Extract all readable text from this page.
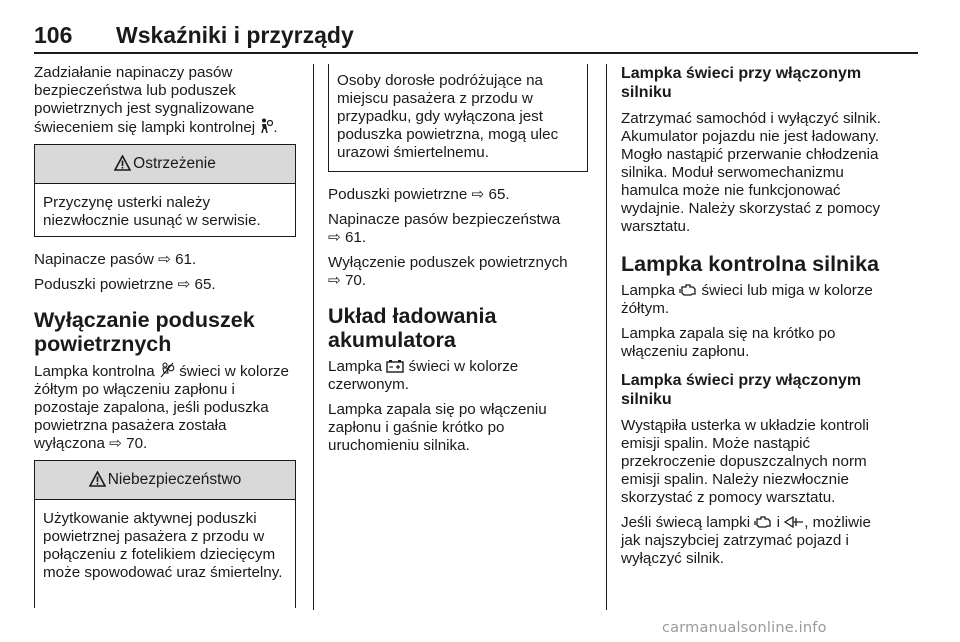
106 Wskaźniki i przyrządy

Zadziałanie napinaczy pasów bezpieczeństwa lub poduszek powietrznych jest sygnalizowane świeceniem się lampki kontrolnej .

Ostrzeżenie

Przyczynę usterki należy niezwłocznie usunąć w serwisie.

Napinacze pasów ⇨ 61.

Poduszki powietrzne ⇨ 65.

Wyłączanie poduszek powietrznych

Lampka kontrolna świeci w kolorze żółtym po włączeniu zapłonu i pozostaje zapalona, jeśli poduszka powietrzna pasażera została wyłączona ⇨ 70.

Niebezpieczeństwo

Użytkowanie aktywnej poduszki powietrznej pasażera z przodu w połączeniu z fotelikiem dziecięcym może spowodować uraz śmiertelny.

Osoby dorosłe podróżujące na miejscu pasażera z przodu w przypadku, gdy wyłączona jest poduszka powietrzna, mogą ulec urazowi śmiertelnemu.

Poduszki powietrzne ⇨ 65.

Napinacze pasów bezpieczeństwa
⇨ 61.

Wyłączenie poduszek powietrznych
⇨ 70.

Układ ładowania akumulatora

Lampka świeci w kolorze czerwonym.

Lampka zapala się po włączeniu zapłonu i gaśnie krótko po uruchomieniu silnika.

Lampka świeci przy włączonym silniku

Zatrzymać samochód i wyłączyć silnik. Akumulator pojazdu nie jest ładowany. Mogło nastąpić przerwanie chłodzenia silnika. Moduł serwomechanizmu hamulca może nie funkcjonować wydajnie. Należy skorzystać z pomocy warsztatu.

Lampka kontrolna silnika

Lampka świeci lub miga w kolorze żółtym.

Lampka zapala się na krótko po włączeniu zapłonu.

Lampka świeci przy włączonym silniku

Wystąpiła usterka w układzie kontroli emisji spalin. Może nastąpić przekroczenie dopuszczalnych norm emisji spalin. Należy niezwłocznie skorzystać z pomocy warsztatu.

Jeśli świecą lampki i , możliwie jak najszybciej zatrzymać pojazd i wyłączyć silnik.

carmanualsonline.info
